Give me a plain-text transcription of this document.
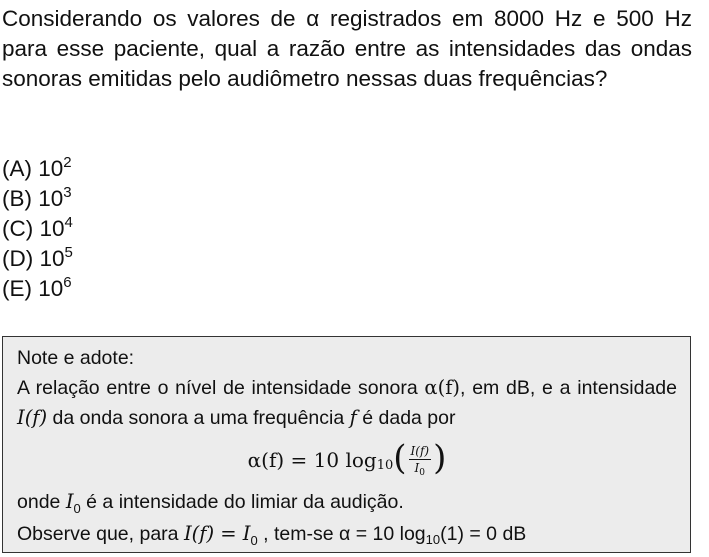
Considerando os valores de α registrados em 8000 Hz e 500 Hz para esse paciente, qual a razão entre as intensidades das ondas sonoras emitidas pelo audiômetro nessas duas frequências?

(A) $10^2$
(B) $10^3$
(C) $10^4$
(D) $10^5$
(E) $10^6$

Note e adote:

A relação entre o nível de intensidade sonora α(f), em dB, e a intensidade I(f) da onda sonora a uma frequência f é dada por

α(f) = 10 log 10 ( $\frac{I(f)}{I_0}$ )

onde $I_0$ é a intensidade do limiar da audição.

Observe que, para $I(f) = I_0$ , tem-se α = 10 $\log_{10}(1) = 0$ dB
